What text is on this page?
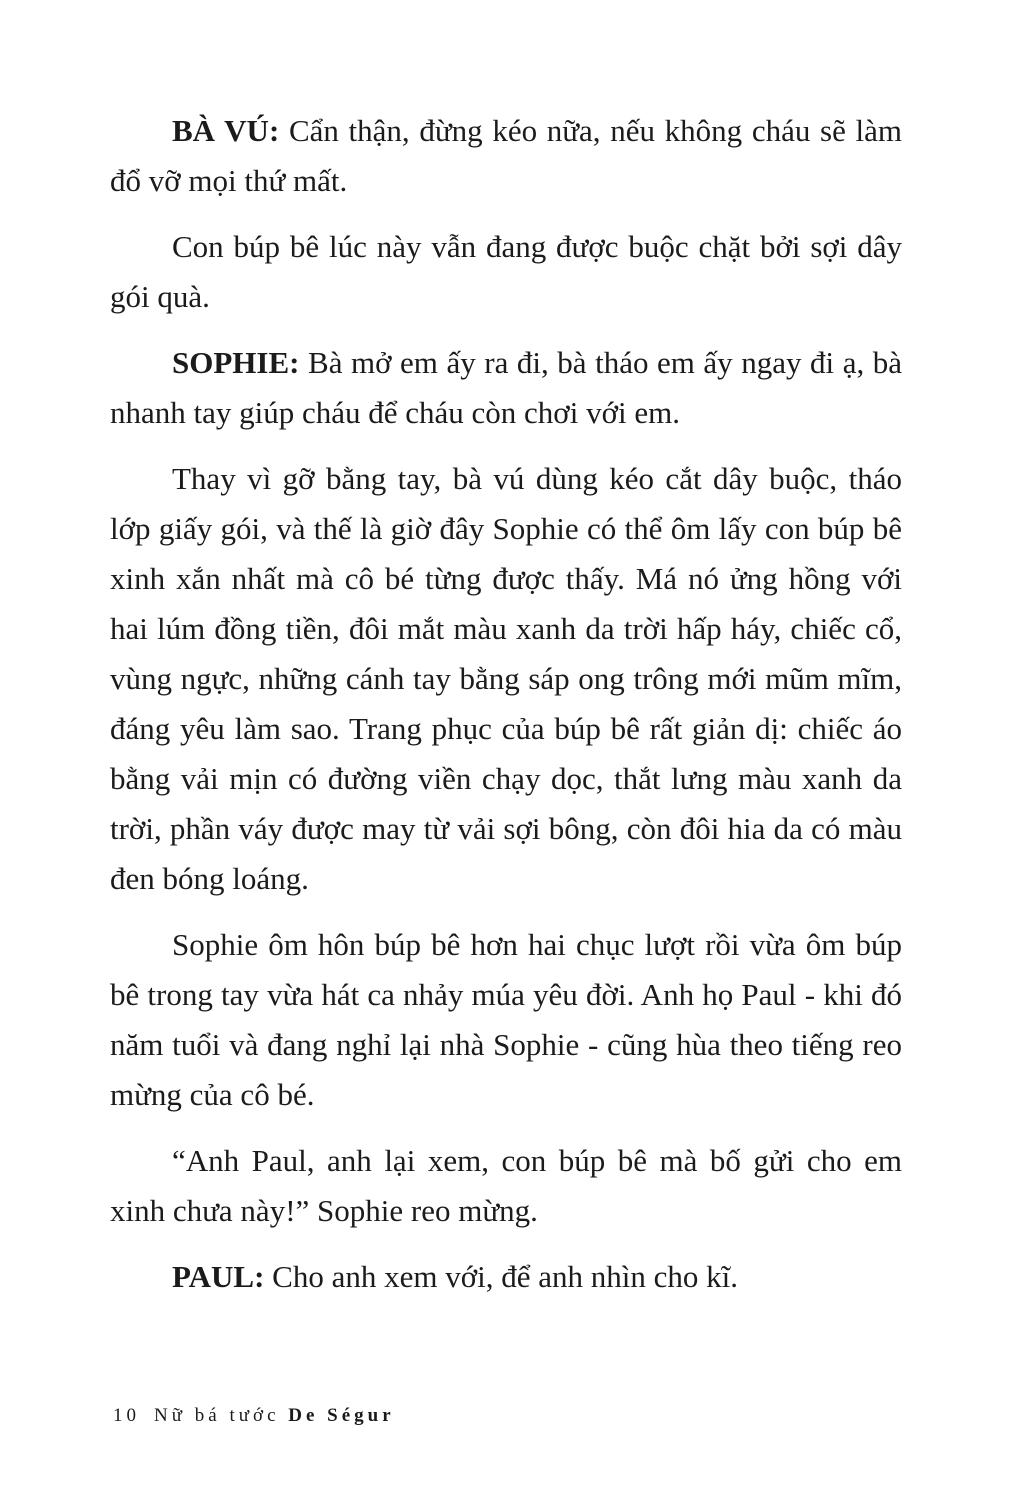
BÀ VÚ: Cẩn thận, đừng kéo nữa, nếu không cháu sẽ làm đổ vỡ mọi thứ mất.

Con búp bê lúc này vẫn đang được buộc chặt bởi sợi dây gói quà.

SOPHIE: Bà mở em ấy ra đi, bà tháo em ấy ngay đi ạ, bà nhanh tay giúp cháu để cháu còn chơi với em.

Thay vì gỡ bằng tay, bà vú dùng kéo cắt dây buộc, tháo lớp giấy gói, và thế là giờ đây Sophie có thể ôm lấy con búp bê xinh xắn nhất mà cô bé từng được thấy. Má nó ửng hồng với hai lúm đồng tiền, đôi mắt màu xanh da trời hấp háy, chiếc cổ, vùng ngực, những cánh tay bằng sáp ong trông mới mũm mĩm, đáng yêu làm sao. Trang phục của búp bê rất giản dị: chiếc áo bằng vải mịn có đường viền chạy dọc, thắt lưng màu xanh da trời, phần váy được may từ vải sợi bông, còn đôi hia da có màu đen bóng loáng.

Sophie ôm hôn búp bê hơn hai chục lượt rồi vừa ôm búp bê trong tay vừa hát ca nhảy múa yêu đời. Anh họ Paul - khi đó năm tuổi và đang nghỉ lại nhà Sophie - cũng hùa theo tiếng reo mừng của cô bé.

“Anh Paul, anh lại xem, con búp bê mà bố gửi cho em xinh chưa này!” Sophie reo mừng.

PAUL: Cho anh xem với, để anh nhìn cho kĩ.

10 Nữ bá tước De Ségur
